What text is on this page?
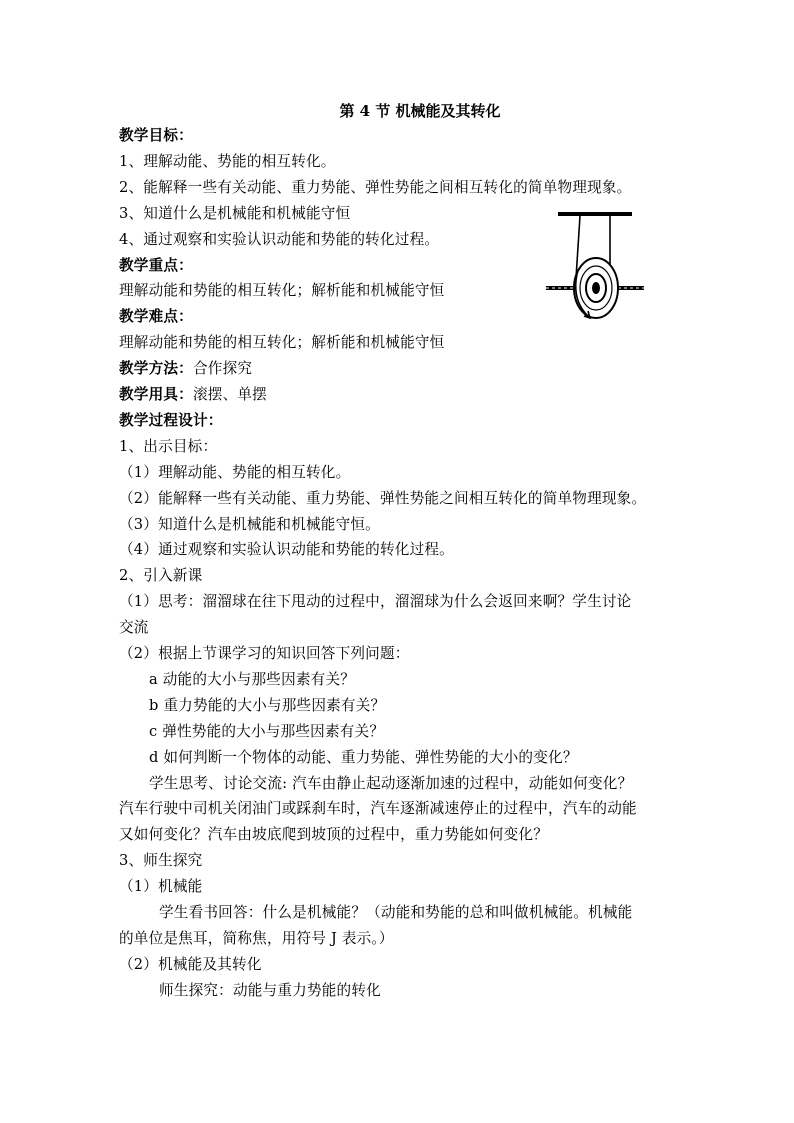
第 4 节 机械能及其转化
教学目标：
1、理解动能、势能的相互转化。
2、能解释一些有关动能、重力势能、弹性势能之间相互转化的简单物理现象。
3、知道什么是机械能和机械能守恒
4、通过观察和实验认识动能和势能的转化过程。
教学重点：
理解动能和势能的相互转化；解析能和机械能守恒
教学难点：
理解动能和势能的相互转化；解析能和机械能守恒
教学方法：合作探究
教学用具：滚摆、单摆
教学过程设计：
1、出示目标：
（1）理解动能、势能的相互转化。
（2）能解释一些有关动能、重力势能、弹性势能之间相互转化的简单物理现象。
（3）知道什么是机械能和机械能守恒。
（4）通过观察和实验认识动能和势能的转化过程。
2、引入新课
（1）思考：溜溜球在往下甩动的过程中，溜溜球为什么会返回来啊？学生讨论
交流
（2）根据上节课学习的知识回答下列问题：
a 动能的大小与那些因素有关？
b 重力势能的大小与那些因素有关？
c 弹性势能的大小与那些因素有关？
d 如何判断一个物体的动能、重力势能、弹性势能的大小的变化？
学生思考、讨论交流: 汽车由静止起动逐渐加速的过程中，动能如何变化？
汽车行驶中司机关闭油门或踩刹车时，汽车逐渐减速停止的过程中，汽车的动能
又如何变化？汽车由坡底爬到坡顶的过程中，重力势能如何变化？
3、师生探究
（1）机械能
学生看书回答：什么是机械能？（动能和势能的总和叫做机械能。机械能
的单位是焦耳，简称焦，用符号 J 表示。）
（2）机械能及其转化
师生探究：动能与重力势能的转化
